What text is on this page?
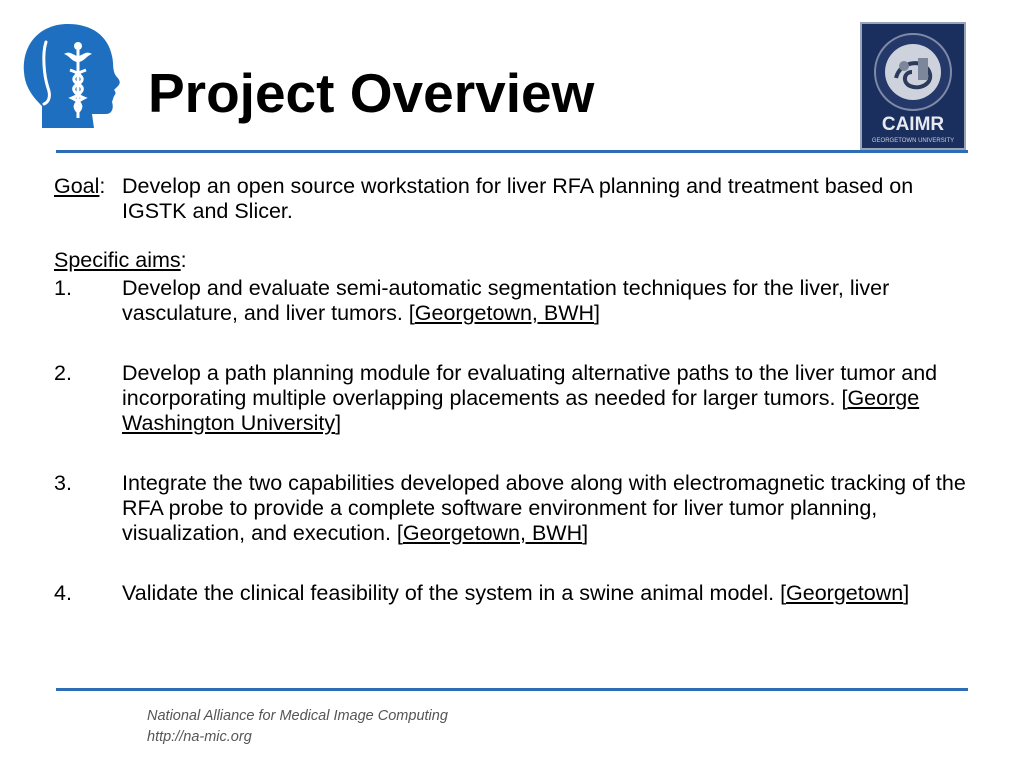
Project Overview
CAIMR
GEORGETOWN UNIVERSITY
Goal: Develop an open source workstation for liver RFA planning and treatment based on IGSTK and Slicer.
Specific aims:
1. Develop and evaluate semi-automatic segmentation techniques for the liver, liver vasculature, and liver tumors. [Georgetown, BWH]
2. Develop a path planning module for evaluating alternative paths to the liver tumor and incorporating multiple overlapping placements as needed for larger tumors. [George Washington University]
3. Integrate the two capabilities developed above along with electromagnetic tracking of the RFA probe to provide a complete software environment for liver tumor planning, visualization, and execution. [Georgetown, BWH]
4. Validate the clinical feasibility of the system in a swine animal model. [Georgetown]
National Alliance for Medical Image Computing
http://na-mic.org
